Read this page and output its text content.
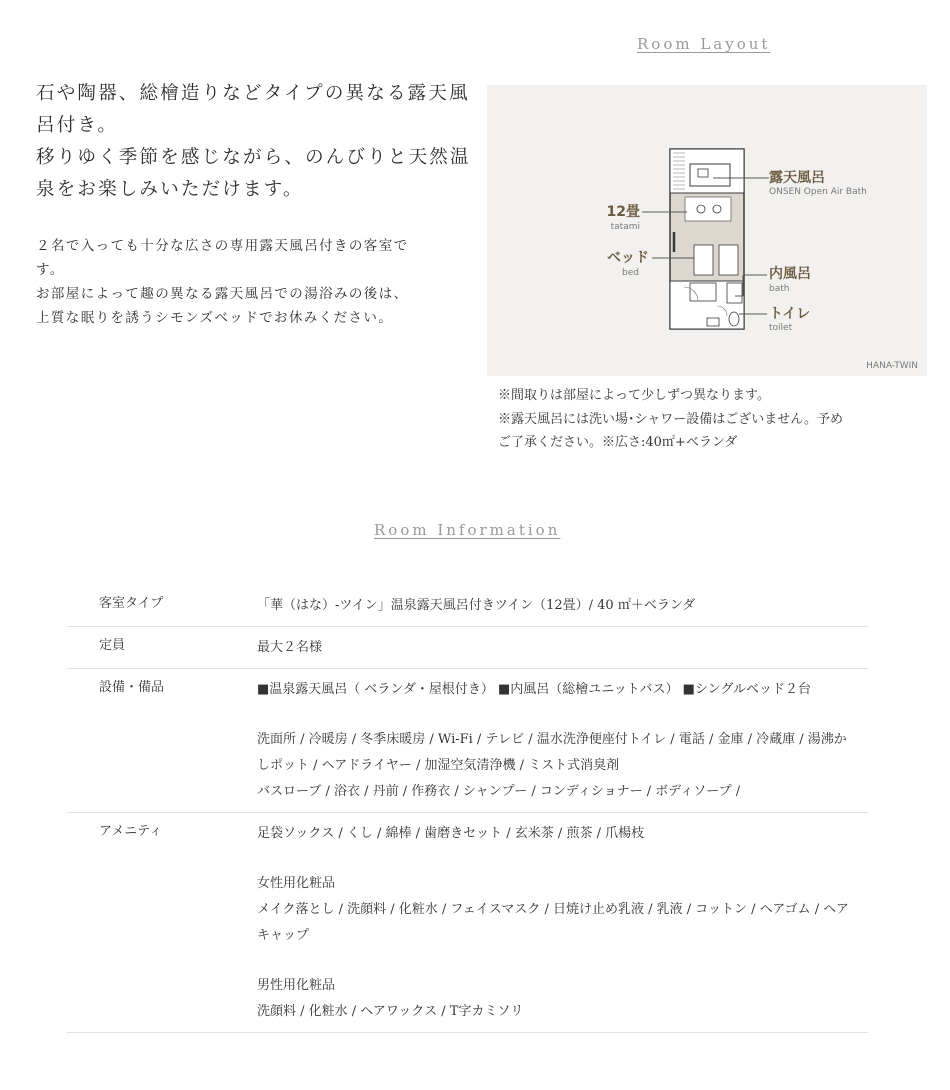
Room Layout

石や陶器、総檜造りなどタイプの異なる露天風

呂付き。

移りゆく季節を感じながら、のんびりと天然温

泉をお楽しみいただけます。

２名で入っても十分な広さの専用露天風呂付きの客室で

す。

お部屋によって趣の異なる露天風呂での湯浴みの後は、

上質な眠りを誘うシモンズベッドでお休みください。

露天風呂
ONSEN Open Air Bath
12畳
tatami
ベッド
bed	内風呂
bath
トイレ
toilet
HANA-TWIN

※間取りは部屋によって少しずつ異なります。

※露天風呂には洗い場･シャワー設備はございません。予め

ご了承ください。※広さ:40㎡+ベランダ

Room Information
客室タイプ	「華（はな）-ツイン」温泉露天風呂付きツイン（12畳）/ 40 ㎡＋ベランダ

定員	最大２名様

設備・備品	■温泉露天風呂（ ベランダ・屋根付き） ■内風呂（総檜ユニットバス） ■シングルベッド２台

洗面所 / 冷暖房 / 冬季床暖房 / Wi-Fi / テレビ / 温水洗浄便座付トイレ / 電話 / 金庫 / 冷蔵庫 / 湯沸かしポット / ヘアドライヤー / 加湿空気清浄機 / ミスト式消臭剤

バスローブ / 浴衣 / 丹前 / 作務衣 / シャンプー / コンディショナー / ボディソープ /

アメニティ	足袋ソックス / くし / 綿棒 / 歯磨きセット / 玄米茶 / 煎茶 / 爪楊枝

女性用化粧品

メイク落とし / 洗顔料 / 化粧水 / フェイスマスク / 日焼け止め乳液 / 乳液 / コットン / ヘアゴム / ヘアキャップ

男性用化粧品

洗顔料 / 化粧水 / ヘアワックス / T字カミソリ
